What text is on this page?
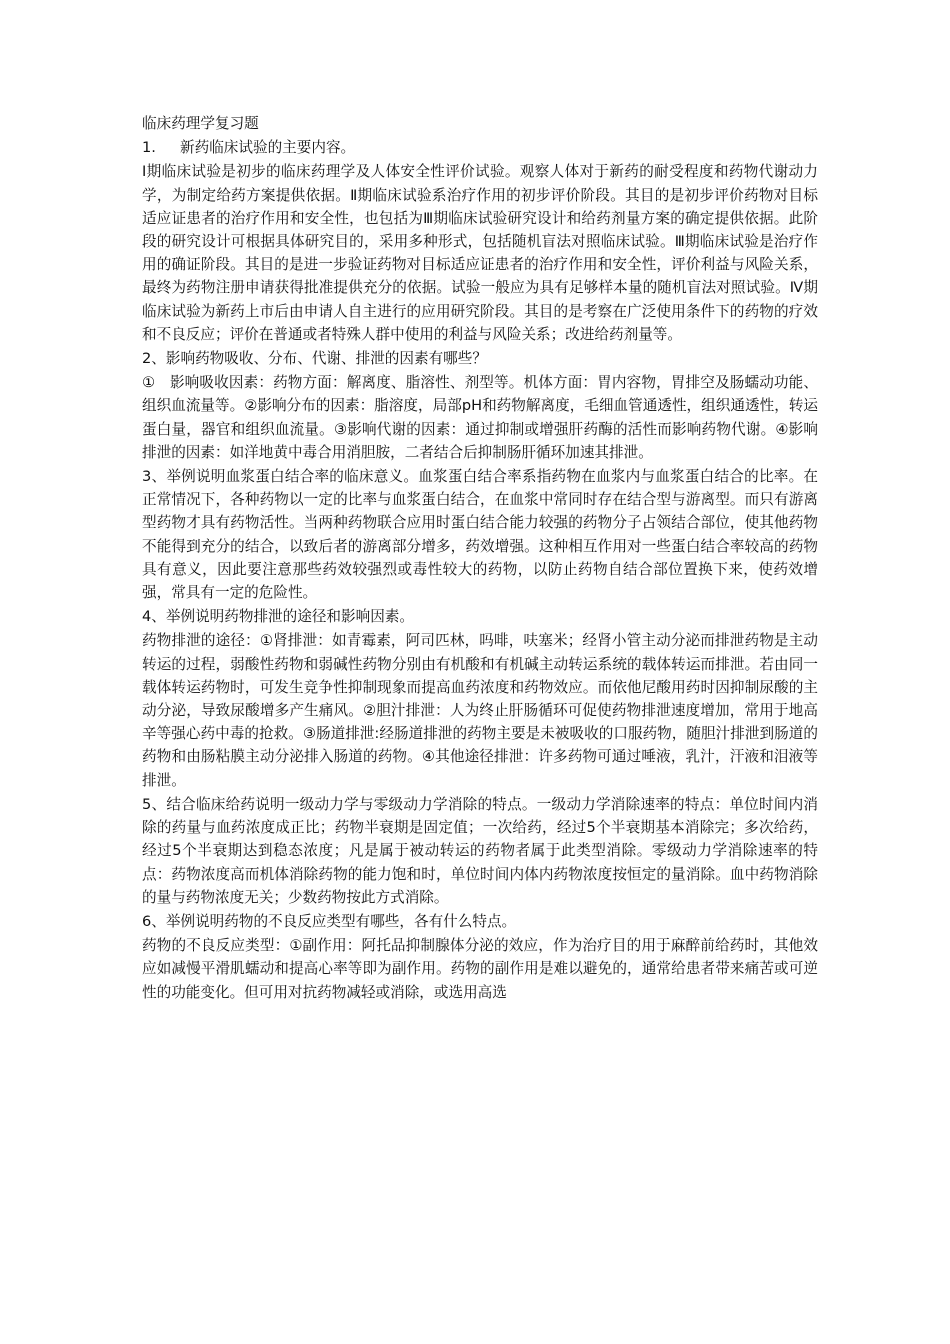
临床药理学复习题

1. 新药临床试验的主要内容。

Ⅰ期临床试验是初步的临床药理学及人体安全性评价试验。观察人体对于新药的耐受程度和药物代谢动力学，为制定给药方案提供依据。Ⅱ期临床试验系治疗作用的初步评价阶段。其目的是初步评价药物对目标适应证患者的治疗作用和安全性，也包括为Ⅲ期临床试验研究设计和给药剂量方案的确定提供依据。此阶段的研究设计可根据具体研究目的，采用多种形式，包括随机盲法对照临床试验。Ⅲ期临床试验是治疗作用的确证阶段。其目的是进一步验证药物对目标适应证患者的治疗作用和安全性，评价利益与风险关系，最终为药物注册申请获得批准提供充分的依据。试验一般应为具有足够样本量的随机盲法对照试验。Ⅳ期临床试验为新药上市后由申请人自主进行的应用研究阶段。其目的是考察在广泛使用条件下的药物的疗效和不良反应；评价在普通或者特殊人群中使用的利益与风险关系；改进给药剂量等。

2、影响药物吸收、分布、代谢、排泄的因素有哪些？

①　影响吸收因素：药物方面：解离度、脂溶性、剂型等。机体方面：胃内容物，胃排空及肠蠕动功能、组织血流量等。②影响分布的因素：脂溶度，局部pH和药物解离度，毛细血管通透性，组织通透性，转运蛋白量，器官和组织血流量。③影响代谢的因素：通过抑制或增强肝药酶的活性而影响药物代谢。④影响排泄的因素：如洋地黄中毒合用消胆胺，二者结合后抑制肠肝循环加速其排泄。

3、举例说明血浆蛋白结合率的临床意义。血浆蛋白结合率系指药物在血浆内与血浆蛋白结合的比率。在正常情况下，各种药物以一定的比率与血浆蛋白结合，在血浆中常同时存在结合型与游离型。而只有游离型药物才具有药物活性。当两种药物联合应用时蛋白结合能力较强的药物分子占领结合部位，使其他药物不能得到充分的结合，以致后者的游离部分增多，药效增强。这种相互作用对一些蛋白结合率较高的药物具有意义，因此要注意那些药效较强烈或毒性较大的药物，以防止药物自结合部位置换下来，使药效增强，常具有一定的危险性。

4、举例说明药物排泄的途径和影响因素。

药物排泄的途径：①肾排泄：如青霉素，阿司匹林，吗啡，呋塞米；经肾小管主动分泌而排泄药物是主动转运的过程，弱酸性药物和弱碱性药物分别由有机酸和有机碱主动转运系统的载体转运而排泄。若由同一载体转运药物时，可发生竞争性抑制现象而提高血药浓度和药物效应。而依他尼酸用药时因抑制尿酸的主动分泌，导致尿酸增多产生痛风。②胆汁排泄：人为终止肝肠循环可促使药物排泄速度增加，常用于地高辛等强心药中毒的抢救。③肠道排泄:经肠道排泄的药物主要是未被吸收的口服药物，随胆汁排泄到肠道的药物和由肠粘膜主动分泌排入肠道的药物。④其他途径排泄：许多药物可通过唾液，乳汁，汗液和泪液等排泄。

5、结合临床给药说明一级动力学与零级动力学消除的特点。一级动力学消除速率的特点：单位时间内消除的药量与血药浓度成正比；药物半衰期是固定值；一次给药，经过5个半衰期基本消除完；多次给药，经过5个半衰期达到稳态浓度；凡是属于被动转运的药物者属于此类型消除。零级动力学消除速率的特点：药物浓度高而机体消除药物的能力饱和时，单位时间内体内药物浓度按恒定的量消除。血中药物消除的量与药物浓度无关；少数药物按此方式消除。

6、举例说明药物的不良反应类型有哪些，各有什么特点。

药物的不良反应类型：①副作用：阿托品抑制腺体分泌的效应，作为治疗目的用于麻醉前给药时，其他效应如减慢平滑肌蠕动和提高心率等即为副作用。药物的副作用是难以避免的，通常给患者带来痛苦或可逆性的功能变化。但可用对抗药物减轻或消除，或选用高选
